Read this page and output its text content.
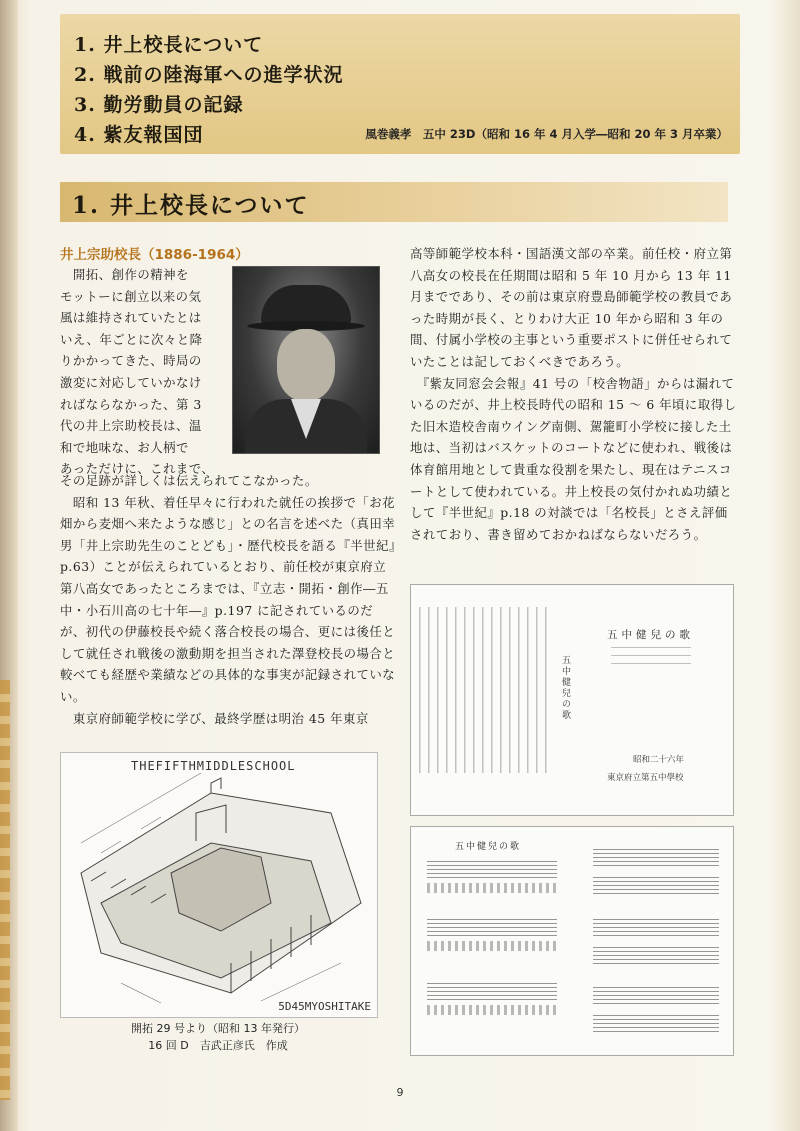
1. 井上校長について
2. 戦前の陸海軍への進学状況
3. 勤労動員の記録
4. 紫友報国団	風巻義孝　五中 23D（昭和 16 年 4 月入学―昭和 20 年 3 月卒業）
1. 井上校長について
井上宗助校長（1886-1964）
　開拓、創作の精神を
モットーに創立以来の気
風は維持されていたとは
いえ、年ごとに次々と降
りかかってきた、時局の
激変に対応していかなけ
ればならなかった、第 3
代の井上宗助校長は、温
和で地味な、お人柄で
あっただけに、これまで、
その足跡が詳しくは伝えられてこなかった。
　昭和 13 年秋、着任早々に行われた就任の挨拶で「お花畑から麦畑へ来たような感じ」との名言を述べた（真田幸男「井上宗助先生のことども」・歴代校長を語る『半世紀』p.63）ことが伝えられているとおり、前任校が東京府立第八高女であったところまでは、『立志・開拓・創作―五中・小石川高の七十年―』p.197 に記されているのだが、初代の伊藤校長や続く落合校長の場合、更には後任として就任され戦後の激動期を担当された澤登校長の場合と較べても経歴や業績などの具体的な事実が記録されていない。
　東京府師範学校に学び、最終学歴は明治 45 年東京
高等師範学校本科・国語漢文部の卒業。前任校・府立第八高女の校長在任期間は昭和 5 年 10 月から 13 年 11 月までであり、その前は東京府豊島師範学校の教員であった時期が長く、とりわけ大正 10 年から昭和 3 年の間、付属小学校の主事という重要ポストに併任せられていたことは記しておくべきであろう。
　『紫友同窓会会報』41 号の「校舎物語」からは漏れているのだが、井上校長時代の昭和 15 ～ 6 年頃に取得した旧木造校舎南ウイング南側、駕籠町小学校に接した土地は、当初はバスケットのコートなどに使われ、戦後は体育館用地として貴重な役割を果たし、現在はテニスコートとして使われている。井上校長の気付かれぬ功績として『半世紀』p.18 の対談では「名校長」とさえ評価されており、書き留めておかねばならないだろう。
THEFIFTHMIDDLESCHOOL
5D45MYOSHITAKE
開拓 29 号より（昭和 13 年発行）
16 回 D　吉武正彦氏　作成
五中健兒の歌
五中健兒の歌
昭和二十六年
東京府立第五中學校
五中健兒の歌
9
